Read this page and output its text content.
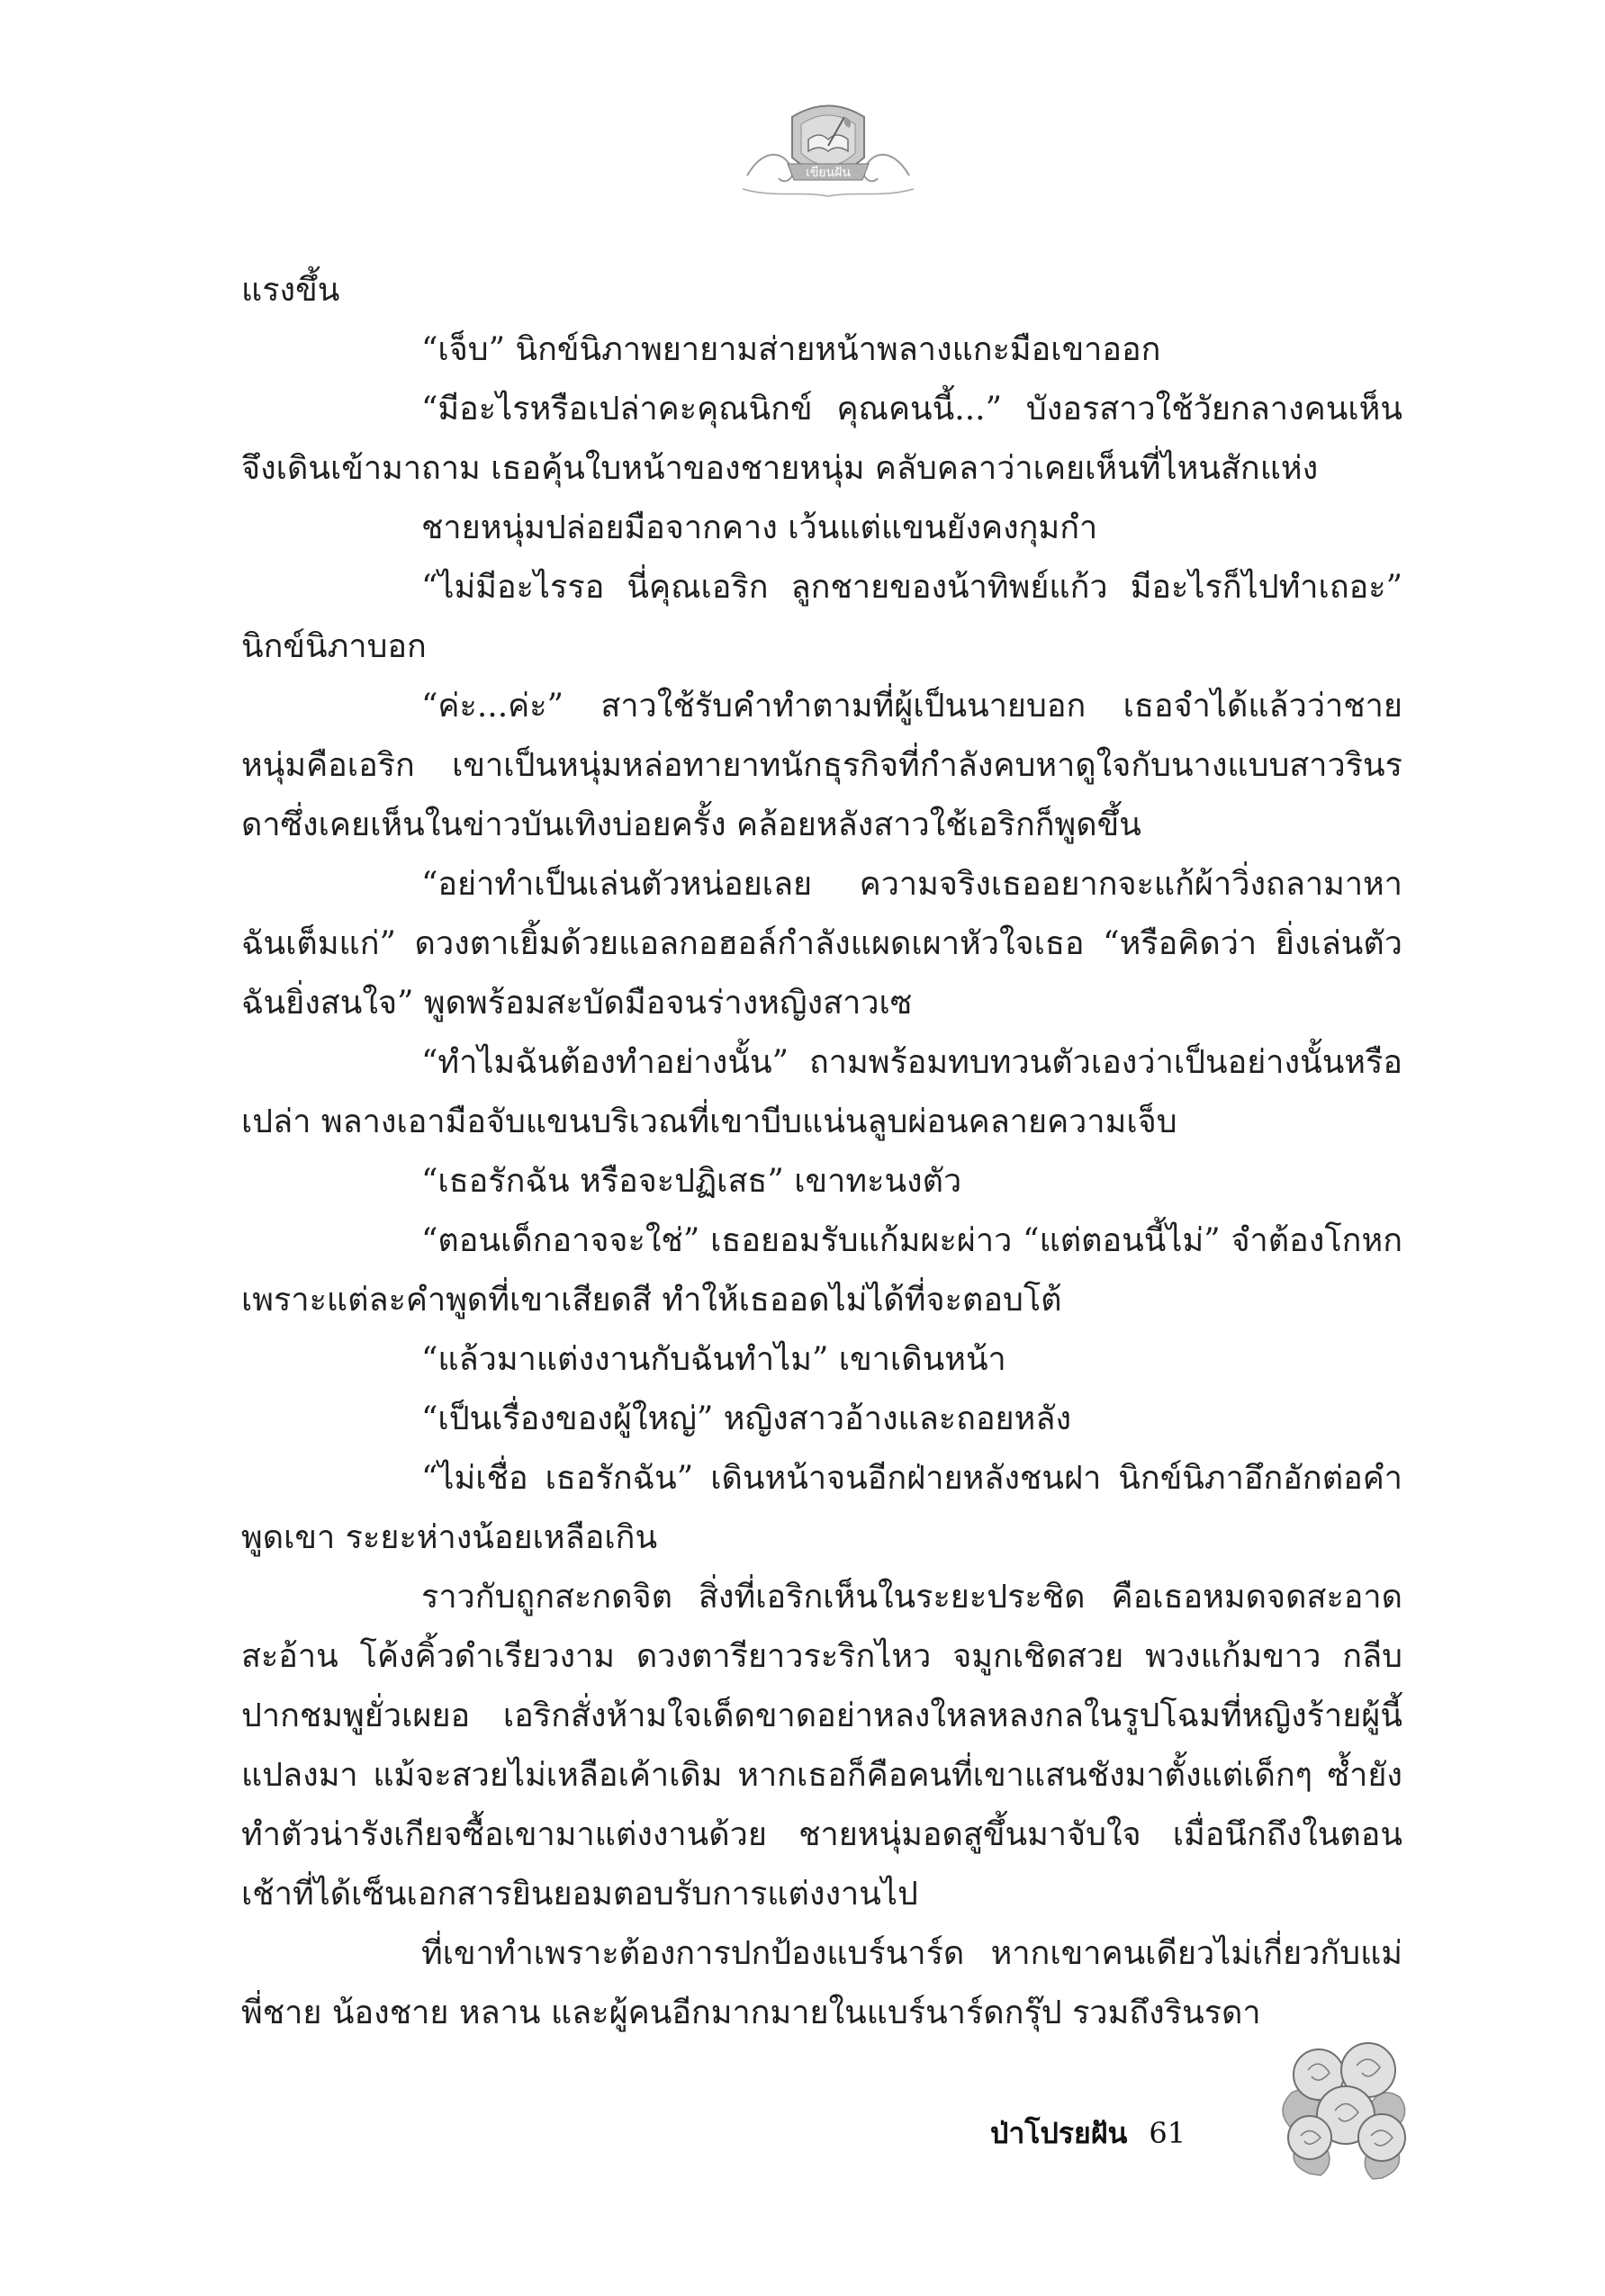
เขียนฝัน

แรงขึ้น

“เจ็บ” นิกข์นิภาพยายามส่ายหน้าพลางแกะมือเขาออก

“มีอะไรหรือเปล่าคะคุณนิกข์ คุณคนนี้...” บังอรสาวใช้วัยกลางคนเห็นจึงเดินเข้ามาถาม เธอคุ้นใบหน้าของชายหนุ่ม คลับคลาว่าเคยเห็นที่ไหนสักแห่ง

ชายหนุ่มปล่อยมือจากคาง เว้นแต่แขนยังคงกุมกำ

“ไม่มีอะไรรอ นี่คุณเอริก ลูกชายของน้าทิพย์แก้ว มีอะไรก็ไปทำเถอะ” นิกข์นิภาบอก

“ค่ะ...ค่ะ” สาวใช้รับคำทำตามที่ผู้เป็นนายบอก เธอจำได้แล้วว่าชายหนุ่มคือเอริก เขาเป็นหนุ่มหล่อทายาทนักธุรกิจที่กำลังคบหาดูใจกับนางแบบสาวรินรดาซึ่งเคยเห็นในข่าวบันเทิงบ่อยครั้ง คล้อยหลังสาวใช้เอริกก็พูดขึ้น

“อย่าทำเป็นเล่นตัวหน่อยเลย ความจริงเธออยากจะแก้ผ้าวิ่งถลามาหาฉันเต็มแก่” ดวงตาเยิ้มด้วยแอลกอฮอล์กำลังแผดเผาหัวใจเธอ “หรือคิดว่า ยิ่งเล่นตัว ฉันยิ่งสนใจ” พูดพร้อมสะบัดมือจนร่างหญิงสาวเซ

“ทำไมฉันต้องทำอย่างนั้น” ถามพร้อมทบทวนตัวเองว่าเป็นอย่างนั้นหรือเปล่า พลางเอามือจับแขนบริเวณที่เขาบีบแน่นลูบผ่อนคลายความเจ็บ

“เธอรักฉัน หรือจะปฏิเสธ” เขาทะนงตัว

“ตอนเด็กอาจจะใช่” เธอยอมรับแก้มผะผ่าว “แต่ตอนนี้ไม่” จำต้องโกหก เพราะแต่ละคำพูดที่เขาเสียดสี ทำให้เธออดไม่ได้ที่จะตอบโต้

“แล้วมาแต่งงานกับฉันทำไม” เขาเดินหน้า

“เป็นเรื่องของผู้ใหญ่” หญิงสาวอ้างและถอยหลัง

“ไม่เชื่อ เธอรักฉัน” เดินหน้าจนอีกฝ่ายหลังชนฝา นิกข์นิภาอึกอักต่อคำพูดเขา ระยะห่างน้อยเหลือเกิน

ราวกับถูกสะกดจิต สิ่งที่เอริกเห็นในระยะประชิด คือเธอหมดจดสะอาดสะอ้าน โค้งคิ้วดำเรียวงาม ดวงตารียาวระริกไหว จมูกเชิดสวย พวงแก้มขาว กลีบปากชมพูยั่วเผยอ เอริกสั่งห้ามใจเด็ดขาดอย่าหลงใหลหลงกลในรูปโฉมที่หญิงร้ายผู้นี้แปลงมา แม้จะสวยไม่เหลือเค้าเดิม หากเธอก็คือคนที่เขาแสนชังมาตั้งแต่เด็กๆ ซ้ำยังทำตัวน่ารังเกียจซื้อเขามาแต่งงานด้วย ชายหนุ่มอดสูขึ้นมาจับใจ เมื่อนึกถึงในตอนเช้าที่ได้เซ็นเอกสารยินยอมตอบรับการแต่งงานไป

ที่เขาทำเพราะต้องการปกป้องแบร์นาร์ด หากเขาคนเดียวไม่เกี่ยวกับแม่ พี่ชาย น้องชาย หลาน และผู้คนอีกมากมายในแบร์นาร์ดกรุ๊ป รวมถึงรินรดา

ป่าโปรยฝัน 61
